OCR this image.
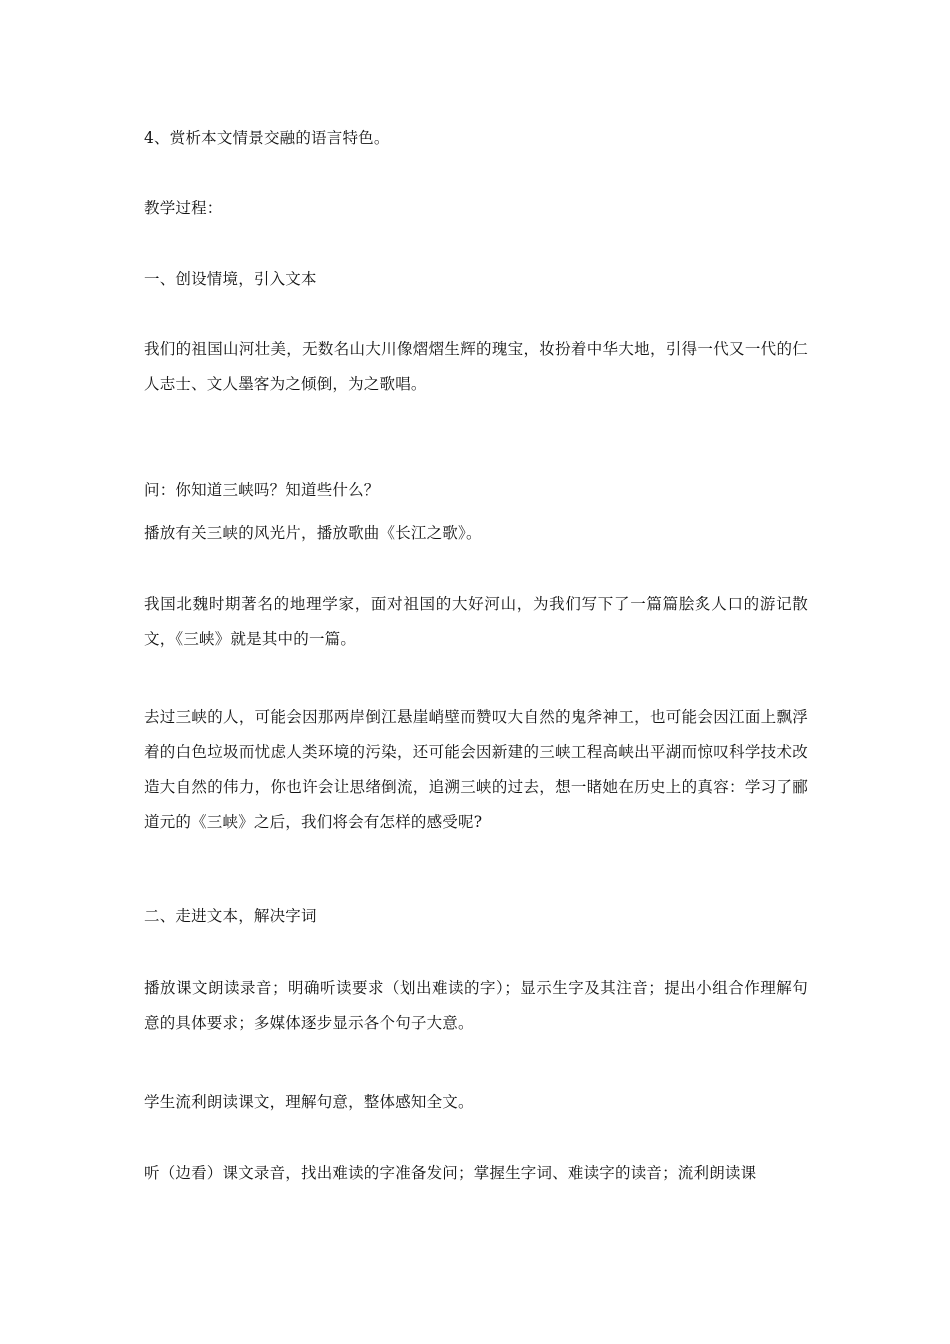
4、赏析本文情景交融的语言特色。

教学过程：

一、创设情境，引入文本

我们的祖国山河壮美，无数名山大川像熠熠生辉的瑰宝，妆扮着中华大地，引得一代又一代的仁人志士、文人墨客为之倾倒，为之歌唱。

问：你知道三峡吗？知道些什么？

播放有关三峡的风光片，播放歌曲《长江之歌》。

我国北魏时期著名的地理学家，面对祖国的大好河山，为我们写下了一篇篇脍炙人口的游记散文，《三峡》就是其中的一篇。

去过三峡的人，可能会因那两岸倒江悬崖峭壁而赞叹大自然的鬼斧神工，也可能会因江面上飘浮着的白色垃圾而忧虑人类环境的污染，还可能会因新建的三峡工程高峡出平湖而惊叹科学技术改造大自然的伟力，你也许会让思绪倒流，追溯三峡的过去，想一睹她在历史上的真容：学习了郦道元的《三峡》之后，我们将会有怎样的感受呢?

二、走进文本，解决字词

播放课文朗读录音；明确听读要求（划出难读的字）；显示生字及其注音；提出小组合作理解句意的具体要求；多媒体逐步显示各个句子大意。

学生流利朗读课文，理解句意，整体感知全文。

听（边看）课文录音，找出难读的字准备发问；掌握生字词、难读字的读音；流利朗读课
